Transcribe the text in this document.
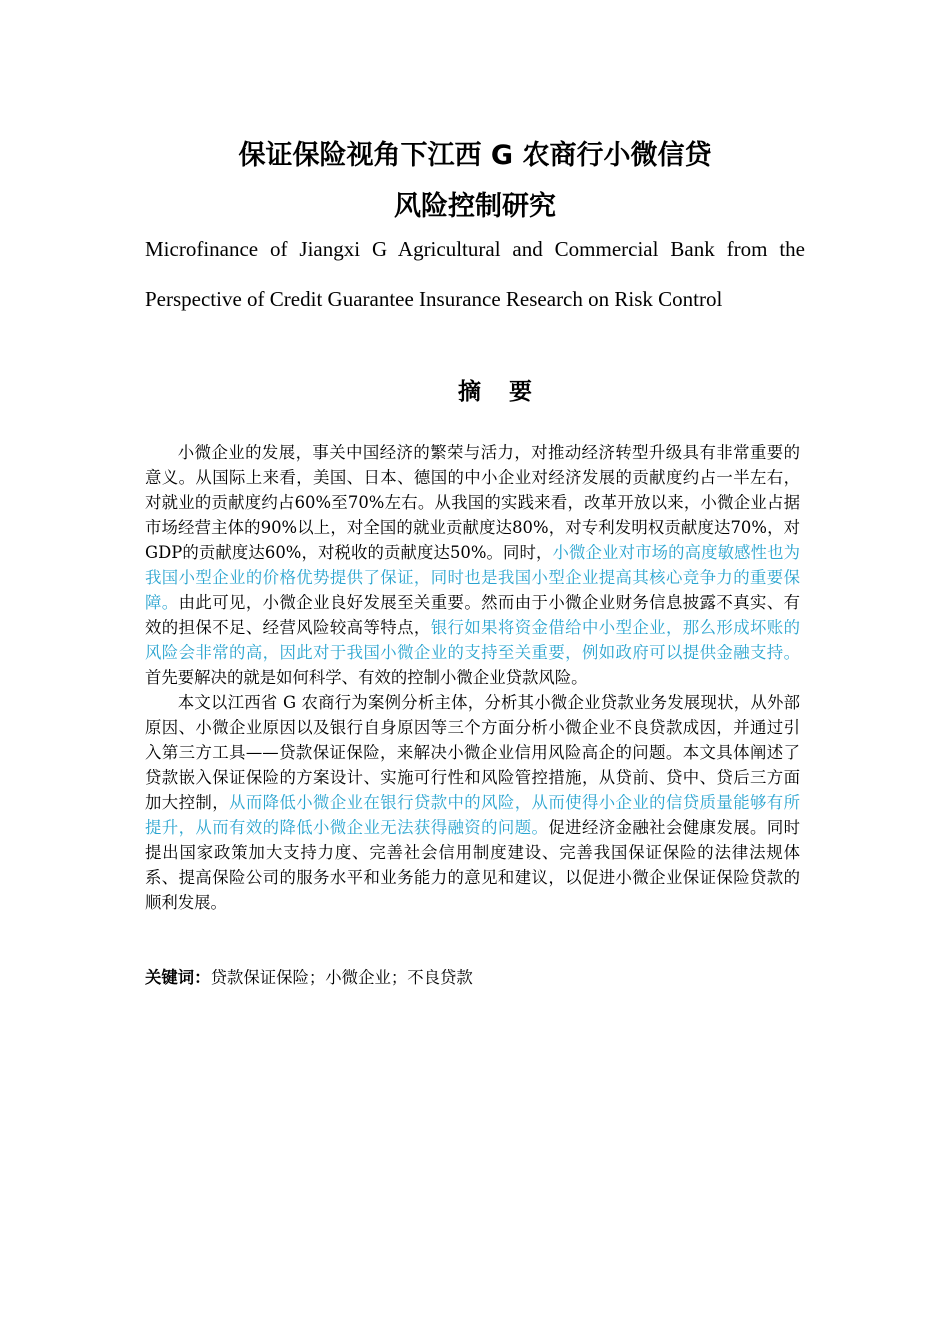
保证保险视角下江西 G 农商行小微信贷
风险控制研究
Microfinance of Jiangxi G Agricultural and Commercial Bank from the
Perspective of Credit Guarantee Insurance Research on Risk Control
摘 要

小微企业的发展，事关中国经济的繁荣与活力，对推动经济转型升级具有非常重要的意义。从国际上来看，美国、日本、德国的中小企业对经济发展的贡献度约占一半左右，对就业的贡献度约占60%至70%左右。从我国的实践来看，改革开放以来，小微企业占据市场经营主体的90%以上，对全国的就业贡献度达80%，对专利发明权贡献度达70%，对GDP的贡献度达60%，对税收的贡献度达50%。同时，小微企业对市场的高度敏感性也为我国小型企业的价格优势提供了保证，同时也是我国小型企业提高其核心竞争力的重要保障。由此可见，小微企业良好发展至关重要。然而由于小微企业财务信息披露不真实、有效的担保不足、经营风险较高等特点，银行如果将资金借给中小型企业，那么形成坏账的风险会非常的高，因此对于我国小微企业的支持至关重要，例如政府可以提供金融支持。首先要解决的就是如何科学、有效的控制小微企业贷款风险。

本文以江西省 G 农商行为案例分析主体，分析其小微企业贷款业务发展现状，从外部原因、小微企业原因以及银行自身原因等三个方面分析小微企业不良贷款成因，并通过引入第三方工具——贷款保证保险，来解决小微企业信用风险高企的问题。本文具体阐述了贷款嵌入保证保险的方案设计、实施可行性和风险管控措施，从贷前、贷中、贷后三方面加大控制，从而降低小微企业在银行贷款中的风险，从而使得小企业的信贷质量能够有所提升，从而有效的降低小微企业无法获得融资的问题。促进经济金融社会健康发展。同时提出国家政策加大支持力度、完善社会信用制度建设、完善我国保证保险的法律法规体系、提高保险公司的服务水平和业务能力的意见和建议，以促进小微企业保证保险贷款的顺利发展。

关键词：贷款保证保险；小微企业；不良贷款
